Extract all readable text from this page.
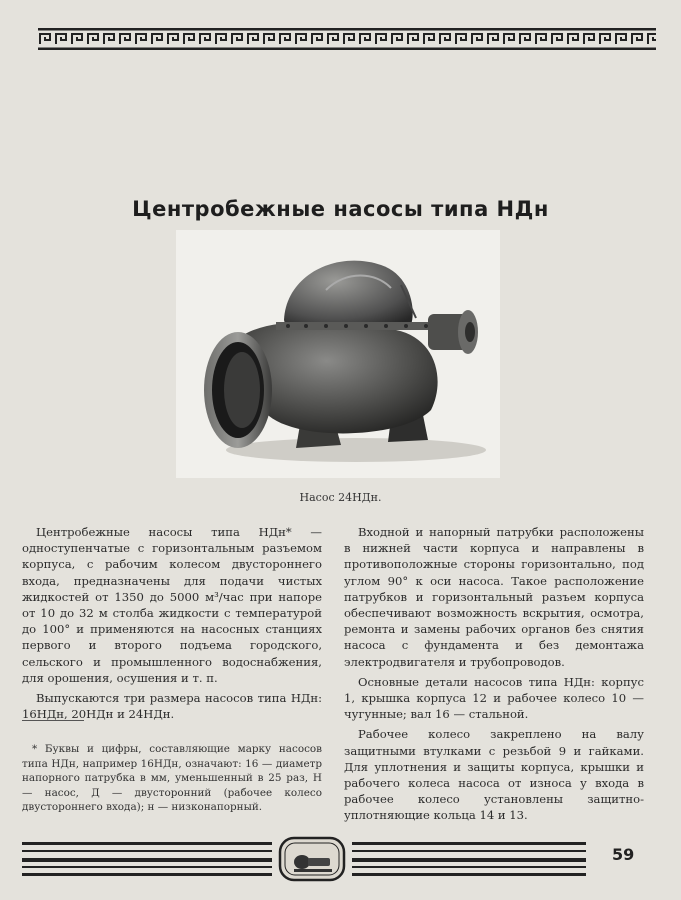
Центробежные насосы типа НДн
Насос 24НДн.

Центробежные насосы типа НДн* — одноступенчатые с горизонтальным разъемом корпуса, с рабочим колесом двустороннего входа, предназначены для подачи чистых жидкостей от 1350 до 5000 м³/час при напоре от 10 до 32 м столба жидкости с температурой до 100° и применяются на насосных станциях первого и второго подъема городского, сельского и промышленного водоснабжения, для орошения, осушения и т. п.

Выпускаются три размера насосов типа НДн: 16НДн, 20НДн и 24НДн.

* Буквы и цифры, составляющие марку насосов типа НДн, например 16НДн, означают: 16 — диаметр напорного патрубка в мм, уменьшенный в 25 раз, Н — насос, Д — двусторонний (рабочее колесо двустороннего входа); н — низконапорный.

Входной и напорный патрубки расположены в нижней части корпуса и направлены в противоположные стороны горизонтально, под углом 90° к оси насоса. Такое расположение патрубков и горизонтальный разъем корпуса обеспечивают возможность вскрытия, осмотра, ремонта и замены рабочих органов без снятия насоса с фундамента и без демонтажа электродвигателя и трубопроводов.

Основные детали насосов типа НДн: корпус 1, крышка корпуса 12 и рабочее колесо 10 — чугунные; вал 16 — стальной.

Рабочее колесо закреплено на валу защитными втулками с резьбой 9 и гайками. Для уплотнения и защиты корпуса, крышки и рабочего колеса насоса от износа у входа в рабочее колесо установлены защитно-уплотняющие кольца 14 и 13.

59
